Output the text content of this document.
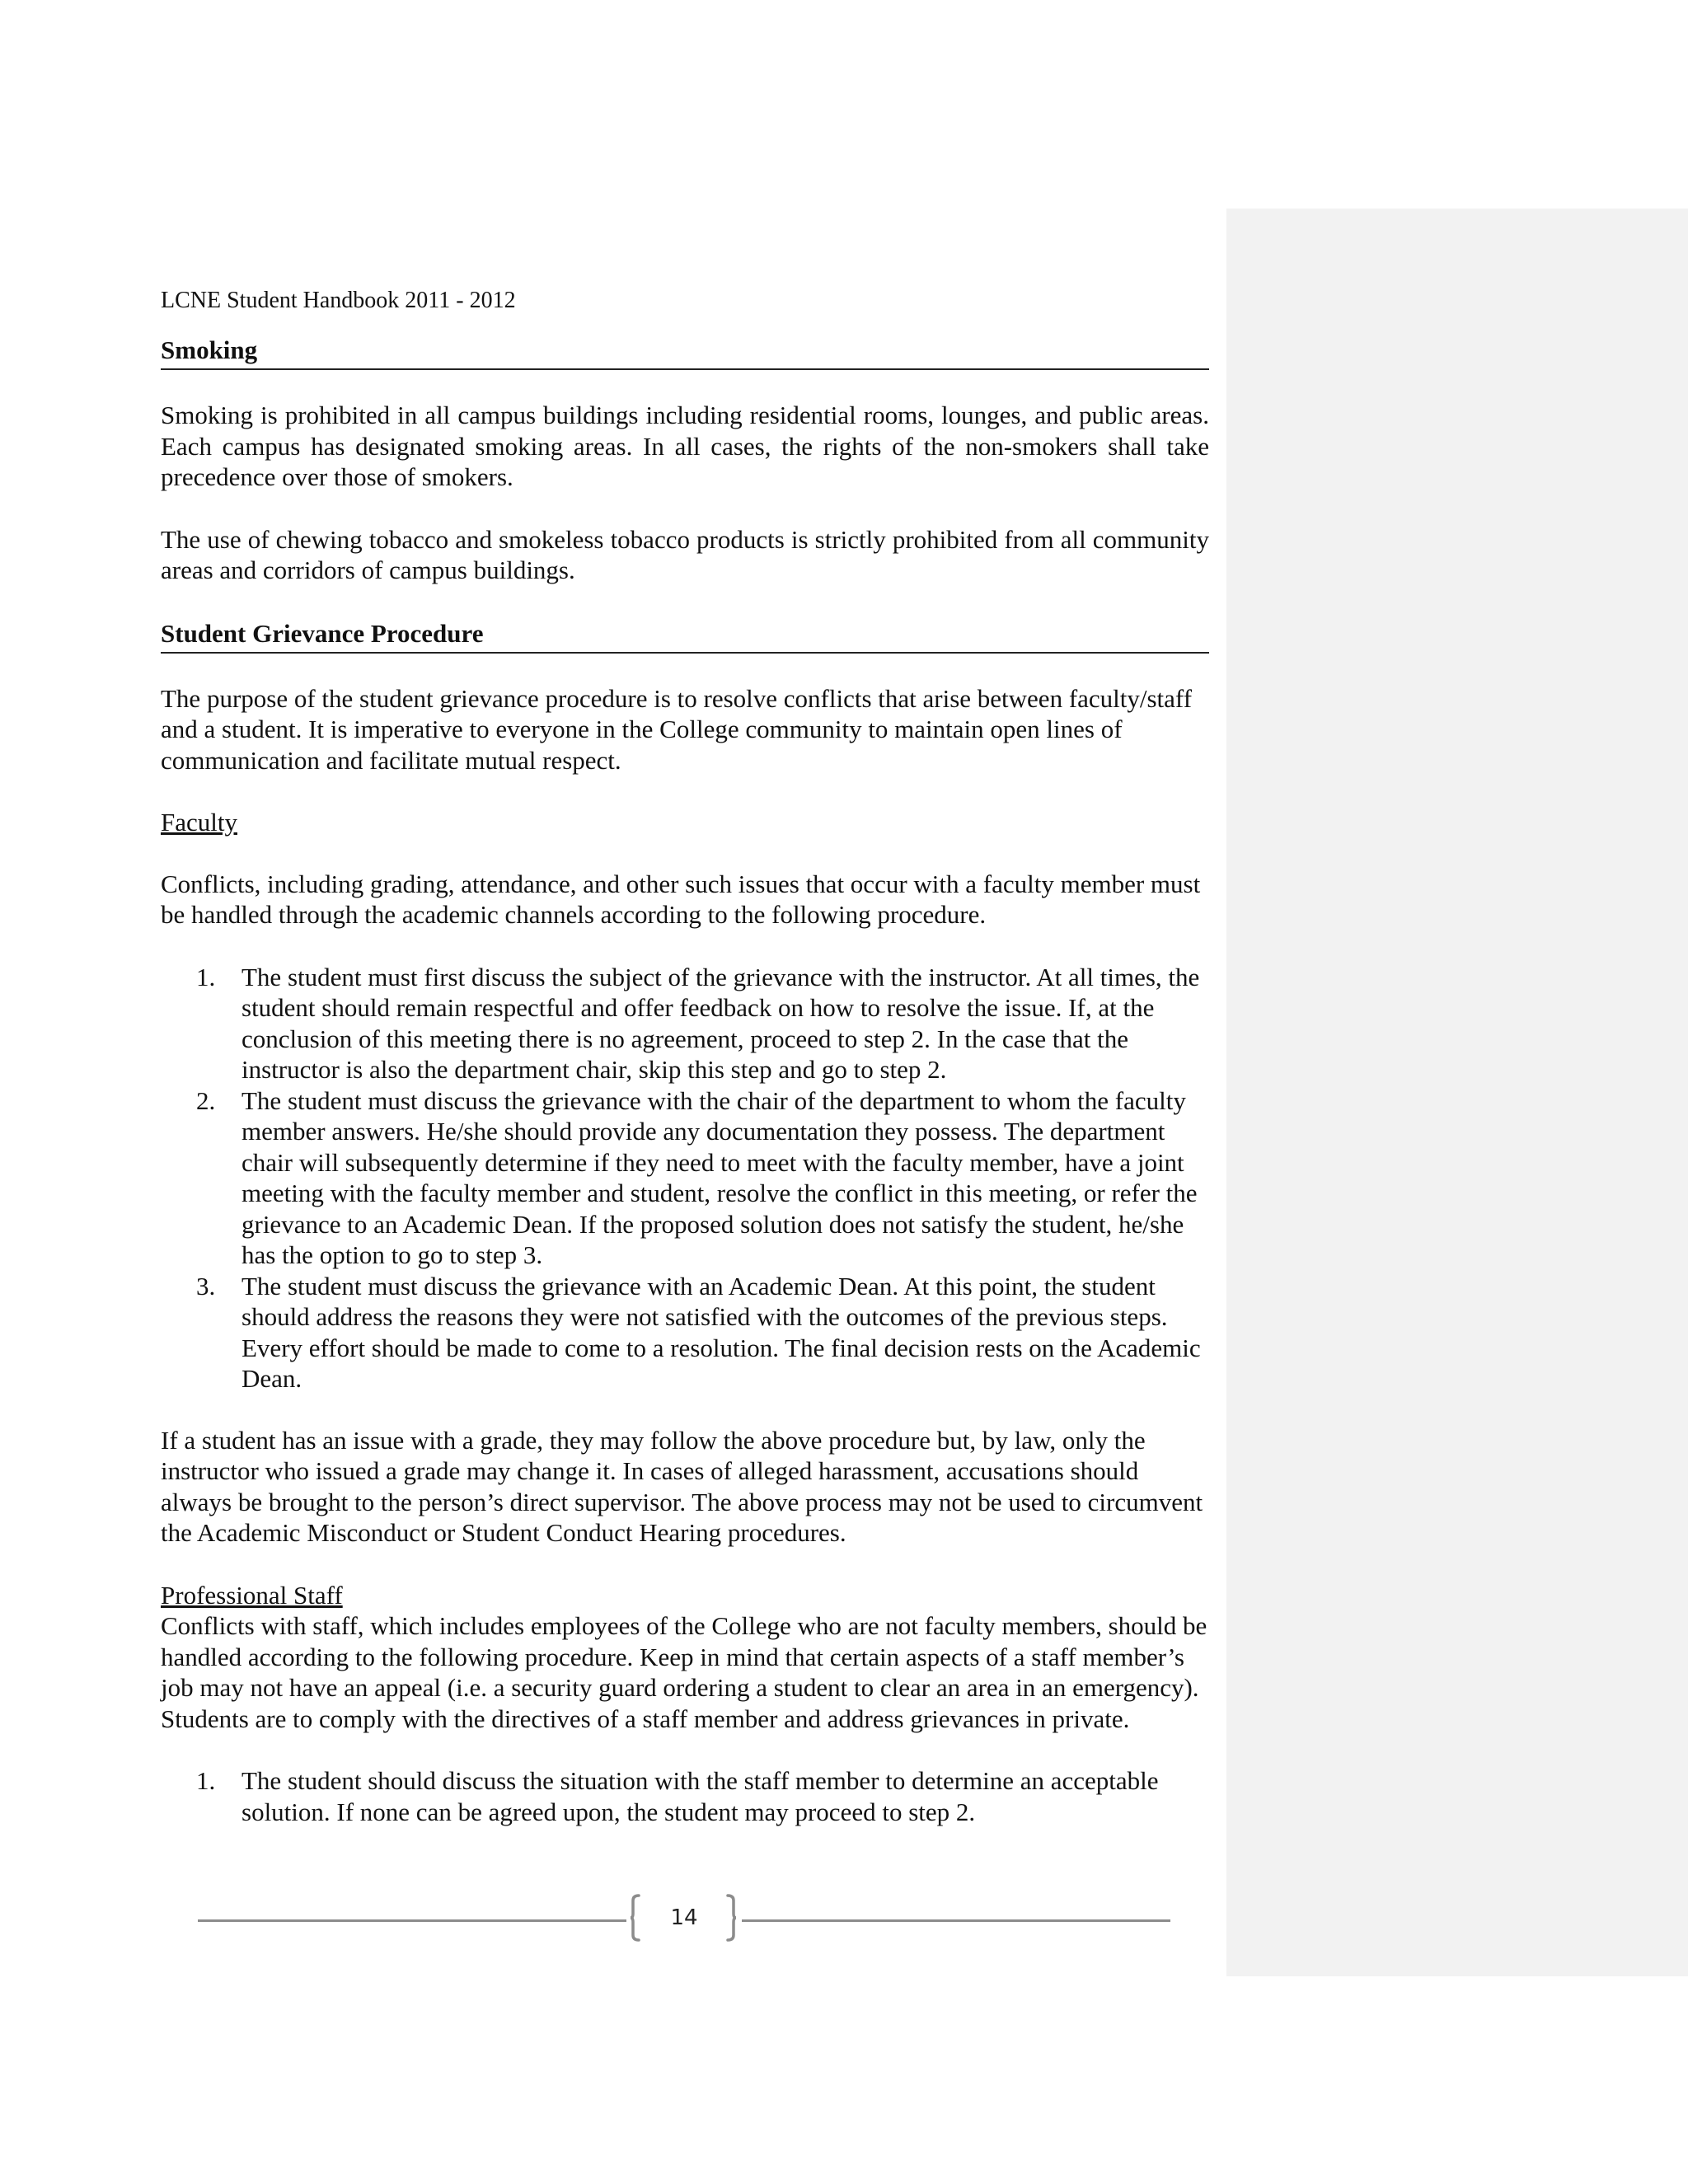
LCNE Student Handbook 2011 - 2012
Smoking

Smoking is prohibited in all campus buildings including residential rooms, lounges, and public areas. Each campus has designated smoking areas. In all cases, the rights of the non-smokers shall take precedence over those of smokers.

The use of chewing tobacco and smokeless tobacco products is strictly prohibited from all community areas and corridors of campus buildings.

Student Grievance Procedure

The purpose of the student grievance procedure is to resolve conflicts that arise between faculty/staff and a student. It is imperative to everyone in the College community to maintain open lines of communication and facilitate mutual respect.

Faculty

Conflicts, including grading, attendance, and other such issues that occur with a faculty member must be handled through the academic channels according to the following procedure.

1.	The student must first discuss the subject of the grievance with the instructor. At all times, the student should remain respectful and offer feedback on how to resolve the issue. If, at the conclusion of this meeting there is no agreement, proceed to step 2. In the case that the instructor is also the department chair, skip this step and go to step 2.
2.	The student must discuss the grievance with the chair of the department to whom the faculty member answers. He/she should provide any documentation they possess. The department chair will subsequently determine if they need to meet with the faculty member, have a joint meeting with the faculty member and student, resolve the conflict in this meeting, or refer the grievance to an Academic Dean. If the proposed solution does not satisfy the student, he/she has the option to go to step 3.
3.	The student must discuss the grievance with an Academic Dean. At this point, the student should address the reasons they were not satisfied with the outcomes of the previous steps. Every effort should be made to come to a resolution. The final decision rests on the Academic Dean.

If a student has an issue with a grade, they may follow the above procedure but, by law, only the instructor who issued a grade may change it. In cases of alleged harassment, accusations should always be brought to the person’s direct supervisor. The above process may not be used to circumvent the Academic Misconduct or Student Conduct Hearing procedures.

Professional Staff

Conflicts with staff, which includes employees of the College who are not faculty members, should be handled according to the following procedure. Keep in mind that certain aspects of a staff member’s job may not have an appeal (i.e. a security guard ordering a student to clear an area in an emergency). Students are to comply with the directives of a staff member and address grievances in private.

1.	The student should discuss the situation with the staff member to determine an acceptable solution. If none can be agreed upon, the student may proceed to step 2.
14
